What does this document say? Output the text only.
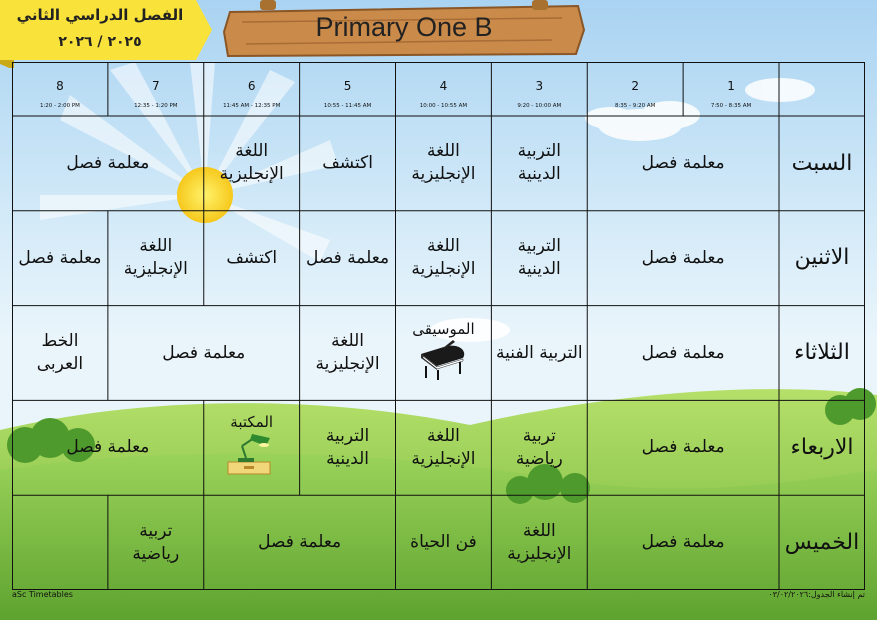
الفصل الدراسي الثاني
٢٠٢٥ / ٢٠٢٦	Primary One B
1
7:50 - 8:35 AM
2
8:35 - 9:20 AM
3
9:20 - 10:00 AM
4
10:00 - 10:55 AM
5
10:55 - 11:45 AM
6
11:45 AM - 12:35 PM
7
12:35 - 1:20 PM
8
1:20 - 2:00 PM
السبت
معلمة فصل
التربية
الدينية
اللغة
الإنجليزية
اكتشف
اللغة
الإنجليزية
معلمة فصل
الاثنين
معلمة فصل
التربية
الدينية
اللغة
الإنجليزية
معلمة فصل
اكتشف
اللغة
الإنجليزية
معلمة فصل
الثلاثاء
معلمة فصل
التربية الفنية
الموسيقى
اللغة
الإنجليزية
معلمة فصل
الخط
العربى
الاربعاء
معلمة فصل
تربية
رياضية
اللغة
الإنجليزية
التربية
الدينية
المكتبة
معلمة فصل
الخميس
معلمة فصل
اللغة
الإنجليزية
فن الحياة
معلمة فصل
تربية
رياضية
aSc Timetables	تم إنشاء الجدول:٠٣/٠٢/٢٠٢٦
